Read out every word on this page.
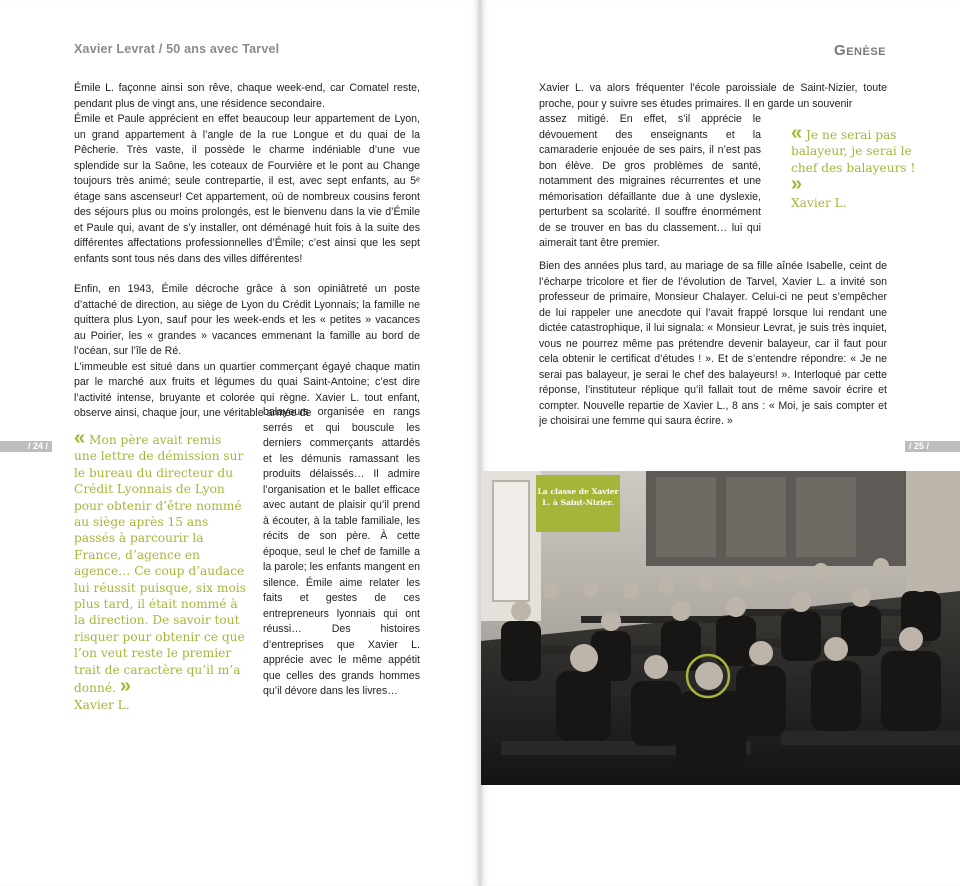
Xavier Levrat / 50 ans avec Tarvel

Émile L. façonne ainsi son rêve, chaque week-end, car Comatel reste, pendant plus de vingt ans, une résidence secondaire.

Émile et Paule apprécient en effet beaucoup leur appartement de Lyon, un grand appartement à l’angle de la rue Longue et du quai de la Pêcherie. Très vaste, il possède le charme indéniable d’une vue splendide sur la Saône, les coteaux de Fourvière et le pont au Change toujours très animé; seule contrepartie, il est, avec sept enfants, au 5ᵉ étage sans ascenseur! Cet appartement, où de nombreux cousins feront des séjours plus ou moins prolongés, est le bienvenu dans la vie d’Émile et Paule qui, avant de s’y installer, ont déménagé huit fois à la suite des différentes affectations professionnelles d’Émile; c’est ainsi que les sept enfants sont tous nés dans des villes différentes!

Enfin, en 1943, Émile décroche grâce à son opiniâtreté un poste d’attaché de direction, au siège de Lyon du Crédit Lyonnais; la famille ne quittera plus Lyon, sauf pour les week-ends et les « petites » vacances au Poirier, les « grandes » vacances emmenant la famille au bord de l’océan, sur l’île de Ré.

L’immeuble est situé dans un quartier commerçant égayé chaque matin par le marché aux fruits et légumes du quai Saint-Antoine; c’est dire l’activité intense, bruyante et colorée qui règne. Xavier L. tout enfant, observe ainsi, chaque jour, une véritable armée de

balayeurs organisée en rangs serrés et qui bouscule les derniers commerçants attardés et les démunis ramassant les produits délaissés… Il admire l’organisation et le ballet efficace avec autant de plaisir qu’il prend à écouter, à la table familiale, les récits de son père. À cette époque, seul le chef de famille a la parole; les enfants mangent en silence. Émile aime relater les faits et gestes de ces entrepreneurs lyonnais qui ont réussi… Des histoires d’entreprises que Xavier L. apprécie avec le même appétit que celles des grands hommes qu’il dévore dans les livres…

« Mon père avait remis une lettre de démission sur le bureau du directeur du Crédit Lyonnais de Lyon pour obtenir d’être nommé au siège après 15 ans passés à parcourir la France, d’agence en agence… Ce coup d’audace lui réussit puisque, six mois plus tard, il était nommé à la direction. De savoir tout risquer pour obtenir ce que l’on veut reste le premier trait de caractère qu’il m’a donné. »
Xavier L.
/ 24 /
Genèse

Xavier L. va alors fréquenter l’école paroissiale de Saint-Nizier, toute proche, pour y suivre ses études primaires. Il en garde un souvenir

assez mitigé. En effet, s’il apprécie le dévouement des enseignants et la camaraderie enjouée de ses pairs, il n’est pas bon élève. De gros problèmes de santé, notamment des migraines récurrentes et une mémorisation défaillante due à une dyslexie, perturbent sa scolarité. Il souffre énormément de se trouver en bas du classement… lui qui aimerait tant être premier.

« Je ne serai pas balayeur, je serai le chef des balayeurs ! »
Xavier L.

Bien des années plus tard, au mariage de sa fille aînée Isabelle, ceint de l’écharpe tricolore et fier de l’évolution de Tarvel, Xavier L. a invité son professeur de primaire, Monsieur Chalayer. Celui-ci ne peut s’empêcher de lui rappeler une anecdote qui l’avait frappé lorsque lui rendant une dictée catastrophique, il lui signala: « Monsieur Levrat, je suis très inquiet, vous ne pourrez même pas prétendre devenir balayeur, car il faut pour cela obtenir le certificat d’études ! ». Et de s’entendre répondre: « Je ne serai pas balayeur, je serai le chef des balayeurs! ». Interloqué par cette réponse, l’instituteur réplique qu’il fallait tout de même savoir écrire et compter. Nouvelle repartie de Xavier L., 8 ans : « Moi, je sais compter et je choisirai une femme qui saura écrire. »

/ 25 /
La classe de Xavier L. à Saint-Nizier.
